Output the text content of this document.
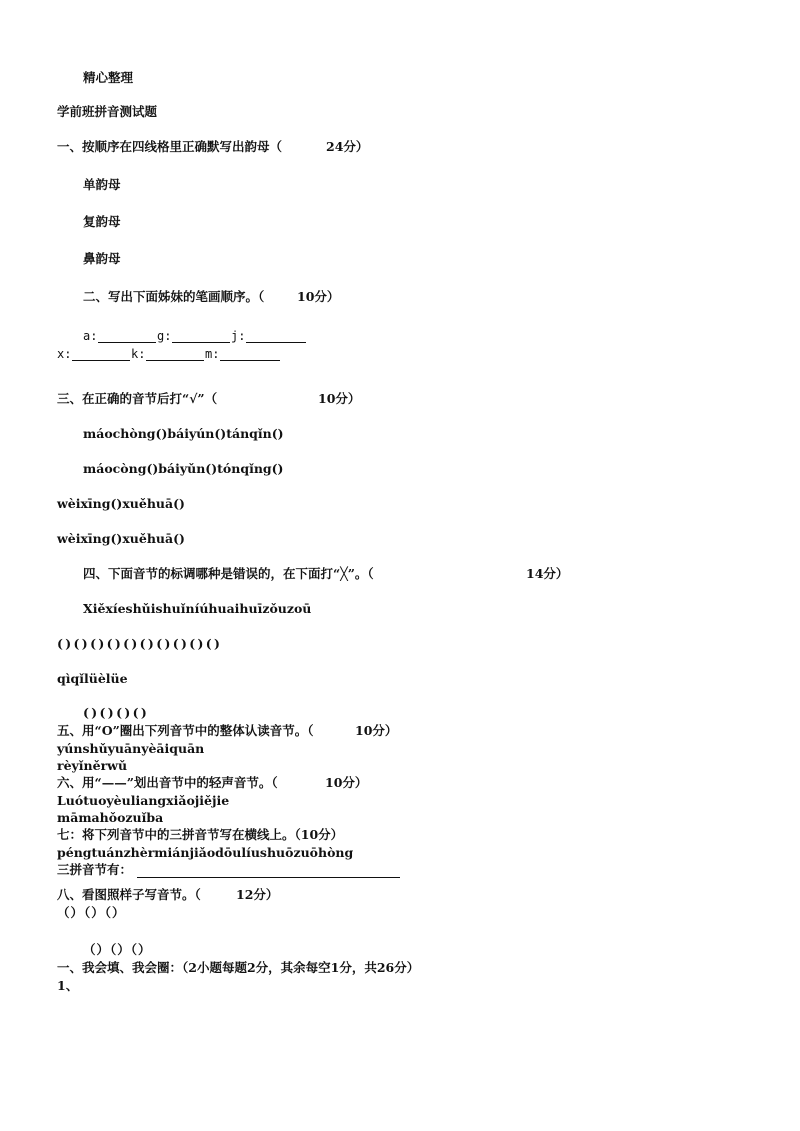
精心整理
学前班拼音测试题
一、按顺序在四线格里正确默写出韵母（	24分）
单韵母
复韵母
鼻韵母
二、写出下面姊妹的笔画顺序。（	10分）
a:	g:	j:
x:	k:	m:
三、在正确的音节后打“√”（	10分）
máochòng()báiyún()tánqǐn()
máocòng()báiyǔn()tónqǐng()
wèixīng()xuěhuā()
wèixīng()xuěhuā()
四、下面音节的标调哪种是错误的，在下面打“╳”。（	14分）
Xiěxíeshǔishuǐníúhuaihuīzǒuzoū
( ) ( ) ( ) ( ) ( ) ( ) ( ) ( ) ( ) ( )
qìqǐlüèlüe
( ) ( ) ( ) ( )
五、用“O”圈出下列音节中的整体认读音节。（	10分）
yúnshǔyuānyèāiquān
rèyǐněrwǔ
六、用“——”划出音节中的轻声音节。（	10分）
Luótuoyèuliangxiǎojiějie
māmahǒozuǐba
七：将下列音节中的三拼音节写在横线上。（10分）
péngtuánzhèrmiánjiǎodōulíushuōzuōhòng
三拼音节有：
八、看图照样子写音节。（	12分）
（）（）（）
（）（）（）
一、我会填、我会圈：（2小题每题2分，其余每空1分，共26分）
1、
